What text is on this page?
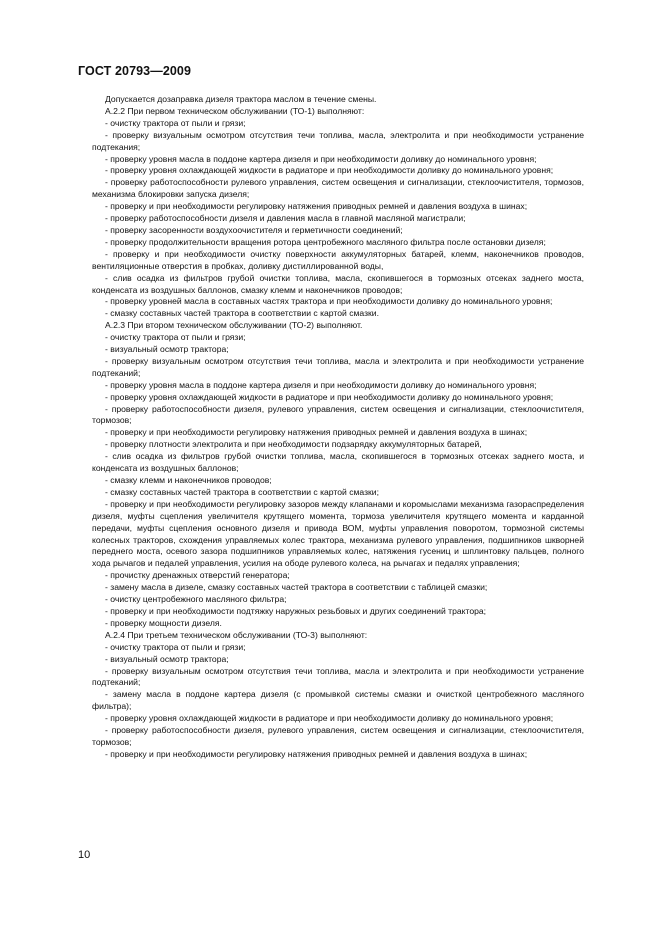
ГОСТ 20793—2009

Допускается дозаправка дизеля трактора маслом в течение смены.

А.2.2 При первом техническом обслуживании (ТО-1) выполняют:

- очистку трактора от пыли и грязи;

- проверку визуальным осмотром отсутствия течи топлива, масла, электролита и при необходимости устранение подтекания;

- проверку уровня масла в поддоне картера дизеля и при необходимости доливку до номинального уровня;

- проверку уровня охлаждающей жидкости в радиаторе и при необходимости доливку до номинального уровня;

- проверку работоспособности рулевого управления, систем освещения и сигнализации, стеклоочистителя, тормозов, механизма блокировки запуска дизеля;

- проверку и при необходимости регулировку натяжения приводных ремней и давления воздуха в шинах;

- проверку работоспособности дизеля и давления масла в главной масляной магистрали;

- проверку засоренности воздухоочистителя и герметичности соединений;

- проверку продолжительности вращения ротора центробежного масляного фильтра после остановки дизеля;

- проверку и при необходимости очистку поверхности аккумуляторных батарей, клемм, наконечников проводов, вентиляционные отверстия в пробках, доливку дистиллированной воды,

- слив осадка из фильтров грубой очистки топлива, масла, скопившегося в тормозных отсеках заднего моста, конденсата из воздушных баллонов, смазку клемм и наконечников проводов;

- проверку уровней масла в составных частях трактора и при необходимости доливку до номинального уровня;

- смазку составных частей трактора в соответствии с картой смазки.

А.2.3 При втором техническом обслуживании (ТО-2) выполняют.

- очистку трактора от пыли и грязи;

- визуальный осмотр трактора;

- проверку визуальным осмотром отсутствия течи топлива, масла и электролита и при необходимости устранение подтеканий;

- проверку уровня масла в поддоне картера дизеля и при необходимости доливку до номинального уровня;

- проверку уровня охлаждающей жидкости в радиаторе и при необходимости доливку до номинального уровня;

- проверку работоспособности дизеля, рулевого управления, систем освещения и сигнализации, стеклоочистителя, тормозов;

- проверку и при необходимости регулировку натяжения приводных ремней и давления воздуха в шинах;

- проверку плотности электролита и при необходимости подзарядку аккумуляторных батарей,

- слив осадка из фильтров грубой очистки топлива, масла, скопившегося в тормозных отсеках заднего моста, и конденсата из воздушных баллонов;

- смазку клемм и наконечников проводов;

- смазку составных частей трактора в соответствии с картой смазки;

- проверку и при необходимости регулировку зазоров между клапанами и коромыслами механизма газораспределения дизеля, муфты сцепления увеличителя крутящего момента, тормоза увеличителя крутящего момента и карданной передачи, муфты сцепления основного дизеля и привода ВОМ, муфты управления поворотом, тормозной системы колесных тракторов, схождения управляемых колес трактора, механизма рулевого управления, подшипников шкворней переднего моста, осевого зазора подшипников управляемых колес, натяжения гусениц и шплинтовку пальцев, полного хода рычагов и педалей управления, усилия на ободе рулевого колеса, на рычагах и педалях управления;

- прочистку дренажных отверстий генератора;

- замену масла в дизеле, смазку составных частей трактора в соответствии с таблицей смазки;

- очистку центробежного масляного фильтра;

- проверку и при необходимости подтяжку наружных резьбовых и других соединений трактора;

- проверку мощности дизеля.

А.2.4 При третьем техническом обслуживании (ТО-3) выполняют:

- очистку трактора от пыли и грязи;

- визуальный осмотр трактора;

- проверку визуальным осмотром отсутствия течи топлива, масла и электролита и при необходимости устранение подтеканий;

- замену масла в поддоне картера дизеля (с промывкой системы смазки и очисткой центробежного масляного фильтра);

- проверку уровня охлаждающей жидкости в радиаторе и при необходимости доливку до номинального уровня;

- проверку работоспособности дизеля, рулевого управления, систем освещения и сигнализации, стеклоочистителя, тормозов;

- проверку и при необходимости регулировку натяжения приводных ремней и давления воздуха в шинах;

10
